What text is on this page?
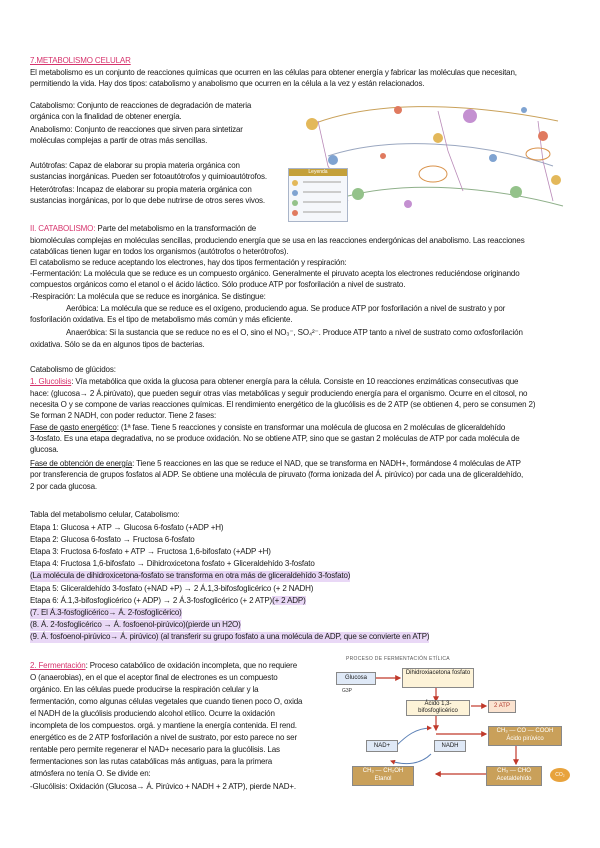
7.METABOLISMO CELULAR
El metabolismo es un conjunto de reacciones químicas que ocurren en las células para obtener energía y fabricar las moléculas que necesitan,
permitiendo la vida. Hay dos tipos: catabolismo y anabolismo que ocurren en la célula a la vez y están relacionados.
Catabolismo: Conjunto de reacciones de degradación de materia
orgánica con la finalidad de obtener energía.
Anabolismo: Conjunto de reacciones que sirven para sintetizar
moléculas complejas a partir de otras más sencillas.
Autótrofas: Capaz de elaborar su propia materia orgánica con
sustancias inorgánicas. Pueden ser fotoautótrofos y quimioautótrofos.
Heterótrofas: Incapaz de elaborar su propia materia orgánica con
sustancias inorgánicas, por lo que debe nutrirse de otros seres vivos.
Leyenda
II. CATABOLISMO: Parte del metabolismo en la transformación de
biomoléculas complejas en moléculas sencillas, produciendo energía que se usa en las reacciones endergónicas del anabolismo. Las reacciones
catabólicas tienen lugar en todos los organismos (autótrofos o heterótrofos).
El catabolismo se reduce aceptando los electrones, hay dos tipos fermentación y respiración:
-Fermentación: La molécula que se reduce es un compuesto orgánico. Generalmente el piruvato acepta los electrones reduciéndose originando
compuestos orgánicos como el etanol o el ácido láctico. Sólo produce ATP por fosforilación a nivel de sustrato.
-Respiración: La molécula que se reduce es inorgánica. Se distingue:
Aeróbica: La molécula que se reduce es el oxígeno, produciendo agua. Se produce ATP por fosforilación a nivel de sustrato y por
fosforilación oxidativa. Es el tipo de metabolismo más común y más eficiente.
Anaeróbica: Si la sustancia que se reduce no es el O, sino el NO₃⁻, SO₄²⁻. Produce ATP tanto a nivel de sustrato como oxfosforilación
oxidativa. Sólo se da en algunos tipos de bacterias.
Catabolismo de glúcidos:
1. Glucolisis: Vía metabólica que oxida la glucosa para obtener energía para la célula. Consiste en 10 reacciones enzimáticas consecutivas que
hace: (glucosa→ 2 Á.pirúvato), que pueden seguir otras vías metabólicas y seguir produciendo energía para el organismo. Ocurre en el citosol, no
necesita O y se compone de varias reacciones químicas. El rendimiento energético de la glucólisis es de 2 ATP (se obtienen 4, pero se consumen 2)
Se forman 2 NADH, con poder reductor. Tiene 2 fases:
Fase de gasto energético: (1ª fase. Tiene 5 reacciones y consiste en transformar una molécula de glucosa en 2 moléculas de gliceraldehído
3-fosfato. Es una etapa degradativa, no se produce oxidación. No se obtiene ATP, sino que se gastan 2 moléculas de ATP por cada molécula de
glucosa.
Fase de obtención de energía: Tiene 5 reacciones en las que se reduce el NAD, que se transforma en NADH+, formándose 4 moléculas de ATP
por transferencia de grupos fosfatos al ADP. Se obtiene una molécula de piruvato (forma ionizada del Á. pirúvico) por cada una de gliceraldehído,
2 por cada glucosa.
Tabla del metabolismo celular, Catabolismo:
Etapa 1: Glucosa + ATP → Glucosa 6-fosfato (+ADP +H)
Etapa 2: Glucosa 6-fosfato → Fructosa 6-fosfato
Etapa 3: Fructosa 6-fosfato + ATP → Fructosa 1,6-bifosfato (+ADP +H)
Etapa 4: Fructosa 1,6-bifosfato → Dihidroxicetona fosfato + Gliceraldehído 3-fosfato
(La molécula de dihidroxicetona-fosfato se transforma en otra más de gliceraldehído 3-fosfato)
Etapa 5: Gliceraldehído 3-fosfato (+NAD +P) → 2 Á.1,3-bifosfoglicérico (+ 2 NADH)
Etapa 6: Á.1,3-bifosfoglicérico (+ ADP) → 2 Á.3-fosfoglicérico (+ 2 ATP)(+ 2 ADP)
(7. El Á.3-fosfoglicérico→ Á. 2-fosfoglicérico)
(8. Á. 2-fosfoglicérico → Á. fosfoenol-pirúvico)(pierde un H2O)
(9. Á. fosfoenol-pirúvico→ Á. pirúvico) (al transferir su grupo fosfato a una molécula de ADP, que se convierte en ATP)
2. Fermentación: Proceso catabólico de oxidación incompleta, que no requiere
O (anaerobias), en el que el aceptor final de electrones es un compuesto
orgánico. En las células puede producirse la respiración celular y la
fermentación, como algunas células vegetales que cuando tienen poco O, oxida
el NADH de la glucólisis produciendo alcohol etílico. Ocurre la oxidación
incompleta de los compuestos. orgá. y mantiene la energía contenida. El rend.
energético es de 2 ATP fosforilación a nivel de sustrato, por esto parece no ser
rentable pero permite regenerar el NAD+ necesario para la glucólisis. Las
fermentaciones son las rutas catabólicas más antiguas, para la primera
atmósfera no tenía O. Se divide en:
-Glucólisis: Oxidación (Glucosa→ Á. Pirúvico + NADH + 2 ATP), pierde NAD+.
PROCESO DE FERMENTACIÓN ETÍLICA
Glucosa
Dihidroxiacetona fosfato
G3P
Ácido 1,3-bifosfoglicérico
2 ATP
NAD+	NADH
CH₃ — CO — COOH
Ácido pirúvico
CH₃ — CH₂OH
Etanol
CH₃ — CHO
Acetaldehído
CO₂
